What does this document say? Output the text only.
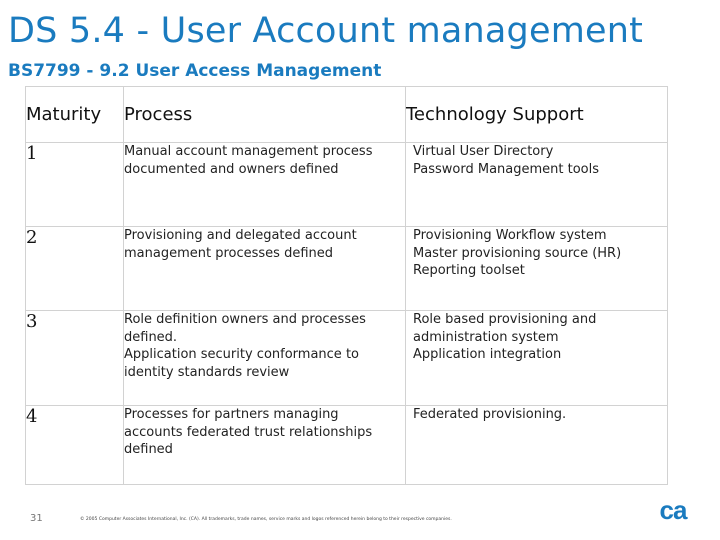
DS 5.4 - User Account management
BS7799 - 9.2 User Access Management
Maturity	Process	Technology Support
1	Manual account management process
documented and owners defined	Virtual User Directory
Password Management tools

2	Provisioning and delegated account
management processes defined	Provisioning Workflow system
Master provisioning source (HR)
Reporting toolset

3	Role definition owners and processes
defined.
Application security conformance to
identity standards review	Role based provisioning and
administration system
Application integration

4	Processes for partners managing
accounts federated trust relationships
defined	Federated provisioning.
31	© 2005 Computer Associates International, Inc. (CA). All trademarks, trade names, service marks and logos referenced herein belong to their respective companies.	ca
